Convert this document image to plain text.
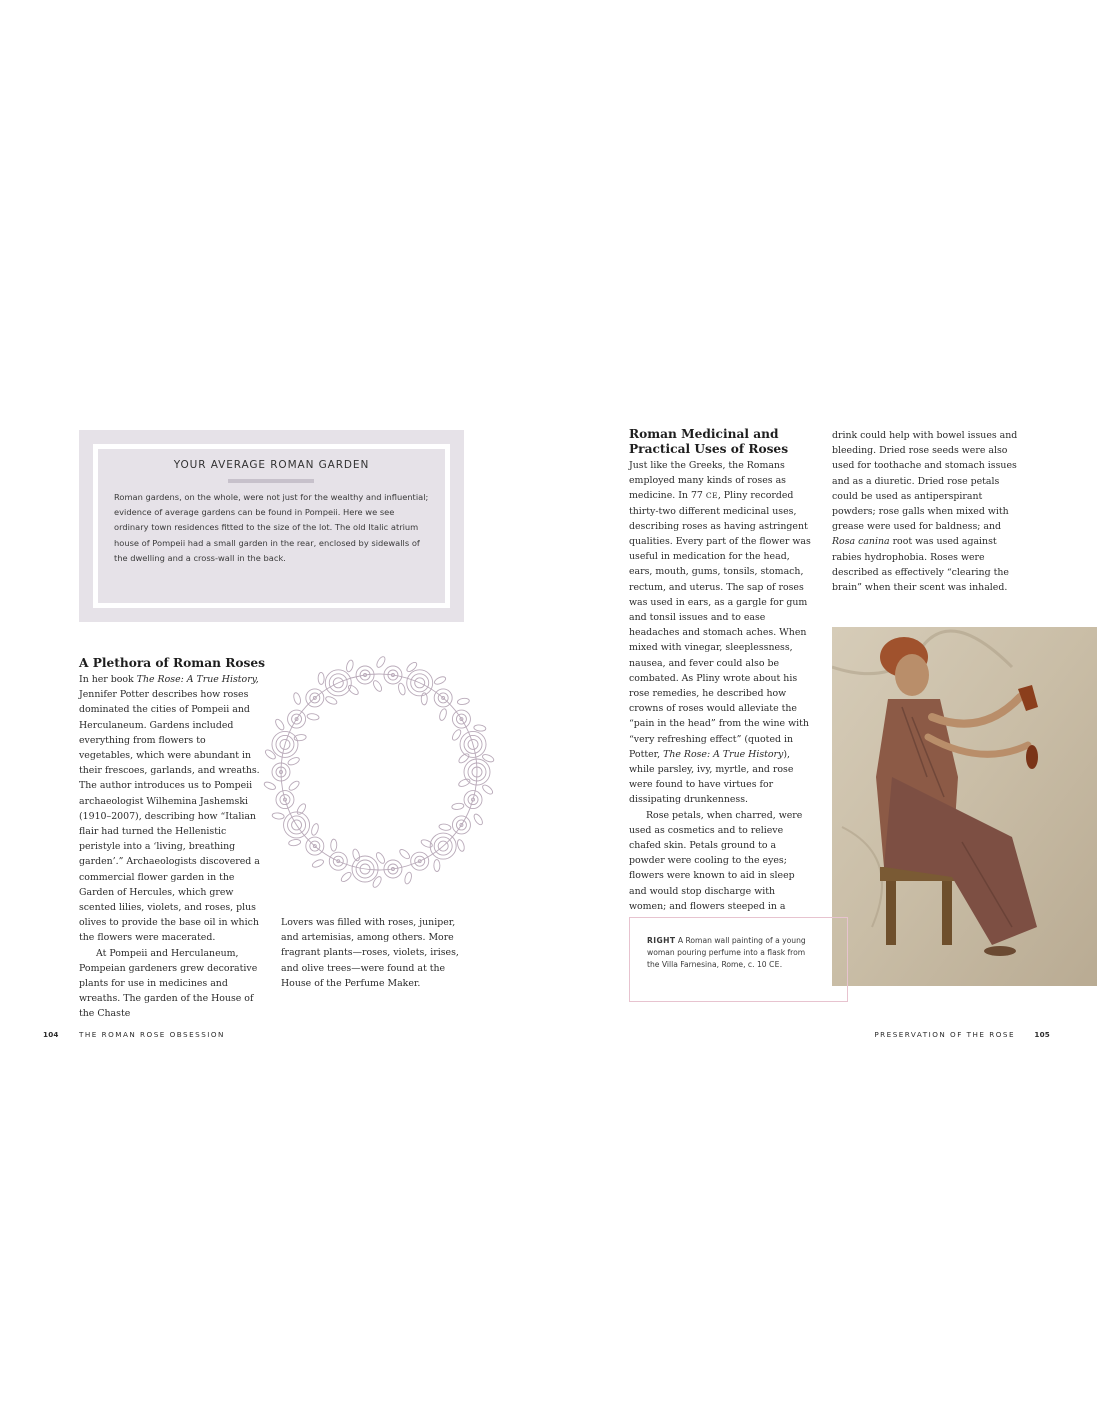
YOUR AVERAGE ROMAN GARDEN
Roman gardens, on the whole, were not just for the wealthy and influential; evidence of average gardens can be found in Pompeii. Here we see ordinary town residences fitted to the size of the lot. The old Italic atrium house of Pompeii had a small garden in the rear, enclosed by sidewalls of the dwelling and a cross-wall in the back.
A Plethora of Roman Roses

In her book The Rose: A True History, Jennifer Potter describes how roses dominated the cities of Pompeii and Herculaneum. Gardens included everything from flowers to vegetables, which were abundant in their frescoes, garlands, and wreaths. The author introduces us to Pompeii archaeologist Wilhemina Jashemski (1910–2007), describing how “Italian flair had turned the Hellenistic peristyle into a ‘living, breathing garden’.” Archaeologists discovered a commercial flower garden in the Garden of Hercules, which grew scented lilies, violets, and roses, plus olives to provide the base oil in which the flowers were macerated.

At Pompeii and Herculaneum, Pompeian gardeners grew decorative plants for use in medicines and wreaths. The garden of the House of the Chaste

Lovers was filled with roses, juniper, and artemisias, among others. More fragrant plants—roses, violets, irises, and olive trees—were found at the House of the Perfume Maker.

Roman Medicinal and Practical Uses of Roses

Just like the Greeks, the Romans employed many kinds of roses as medicine. In 77 CE, Pliny recorded thirty-two different medicinal uses, describing roses as having astringent qualities. Every part of the flower was useful in medication for the head, ears, mouth, gums, tonsils, stomach, rectum, and uterus. The sap of roses was used in ears, as a gargle for gum and tonsil issues and to ease headaches and stomach aches. When mixed with vinegar, sleeplessness, nausea, and fever could also be combated. As Pliny wrote about his rose remedies, he described how crowns of roses would alleviate the “pain in the head” from the wine with “very refreshing effect” (quoted in Potter, The Rose: A True History), while parsley, ivy, myrtle, and rose were found to have virtues for dissipating drunkenness.

Rose petals, when charred, were used as cosmetics and to relieve chafed skin. Petals ground to a powder were cooling to the eyes; flowers were known to aid in sleep and would stop discharge with women; and flowers steeped in a

drink could help with bowel issues and bleeding. Dried rose seeds were also used for toothache and stomach issues and as a diuretic. Dried rose petals could be used as antiperspirant powders; rose galls when mixed with grease were used for baldness; and Rosa canina root was used against rabies hydrophobia. Roses were described as effectively “clearing the brain” when their scent was inhaled.

RIGHT A Roman wall painting of a young woman pouring perfume into a flask from the Villa Farnesina, Rome, c. 10 CE.
104	THE ROMAN ROSE OBSESSION	PRESERVATION OF THE ROSE	105
